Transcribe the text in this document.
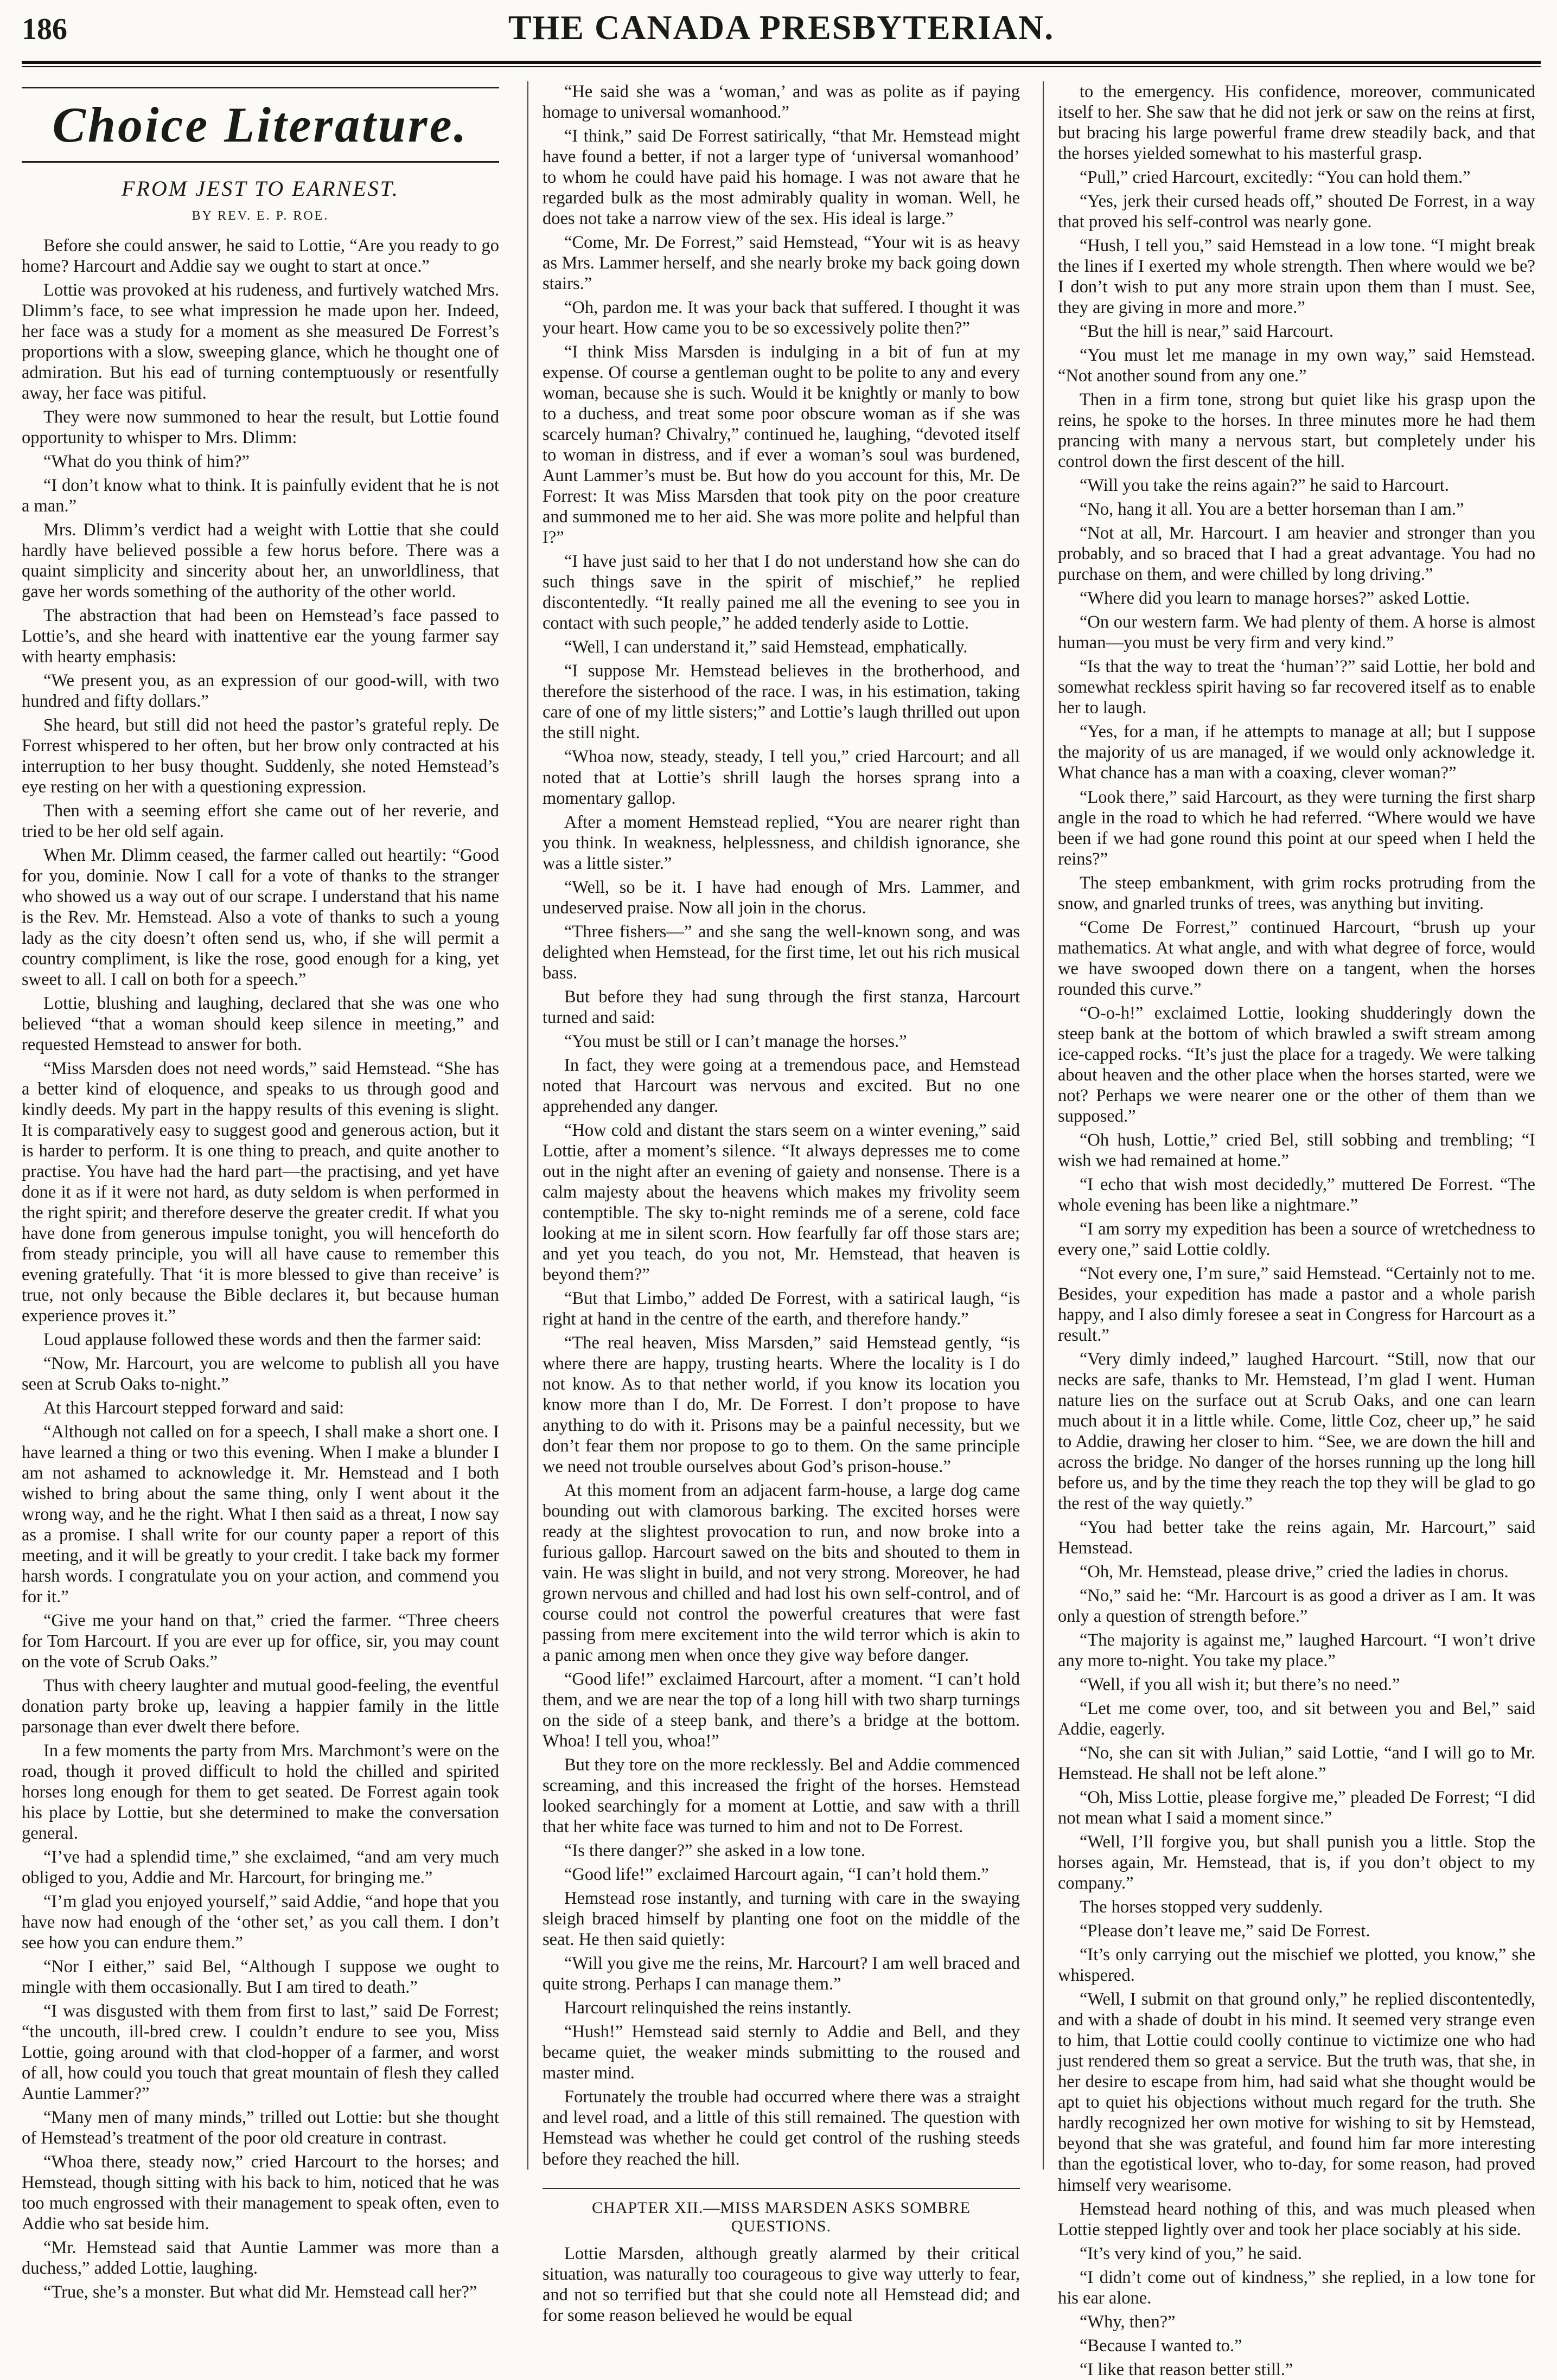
186	THE CANADA PRESBYTERIAN.
Choice Literature.
FROM JEST TO EARNEST.
BY REV. E. P. ROE.

Before she could answer, he said to Lottie, “Are you ready to go home? Harcourt and Addie say we ought to start at once.”

Lottie was provoked at his rudeness, and furtively watched Mrs. Dlimm’s face, to see what impression he made upon her. Indeed, her face was a study for a moment as she measured De Forrest’s proportions with a slow, sweeping glance, which he thought one of admiration. But his ead of turning contemptuously or resentfully away, her face was pitiful.

They were now summoned to hear the result, but Lottie found opportunity to whisper to Mrs. Dlimm:

“What do you think of him?”

“I don’t know what to think. It is painfully evident that he is not a man.”

Mrs. Dlimm’s verdict had a weight with Lottie that she could hardly have believed possible a few horus before. There was a quaint simplicity and sincerity about her, an unworldliness, that gave her words something of the authority of the other world.

The abstraction that had been on Hemstead’s face passed to Lottie’s, and she heard with inattentive ear the young farmer say with hearty emphasis:

“We present you, as an expression of our good-will, with two hundred and fifty dollars.”

She heard, but still did not heed the pastor’s grateful reply. De Forrest whispered to her often, but her brow only contracted at his interruption to her busy thought. Suddenly, she noted Hemstead’s eye resting on her with a questioning expression.

Then with a seeming effort she came out of her reverie, and tried to be her old self again.

When Mr. Dlimm ceased, the farmer called out heartily: “Good for you, dominie. Now I call for a vote of thanks to the stranger who showed us a way out of our scrape. I understand that his name is the Rev. Mr. Hemstead. Also a vote of thanks to such a young lady as the city doesn’t often send us, who, if she will permit a country compliment, is like the rose, good enough for a king, yet sweet to all. I call on both for a speech.”

Lottie, blushing and laughing, declared that she was one who believed “that a woman should keep silence in meeting,” and requested Hemstead to answer for both.

“Miss Marsden does not need words,” said Hemstead. “She has a better kind of eloquence, and speaks to us through good and kindly deeds. My part in the happy results of this evening is slight. It is comparatively easy to suggest good and generous action, but it is harder to perform. It is one thing to preach, and quite another to practise. You have had the hard part—the practising, and yet have done it as if it were not hard, as duty seldom is when performed in the right spirit; and therefore deserve the greater credit. If what you have done from generous impulse tonight, you will henceforth do from steady principle, you will all have cause to remember this evening gratefully. That ‘it is more blessed to give than receive’ is true, not only because the Bible declares it, but because human experience proves it.”

Loud applause followed these words and then the farmer said:

“Now, Mr. Harcourt, you are welcome to publish all you have seen at Scrub Oaks to-night.”

At this Harcourt stepped forward and said:

“Although not called on for a speech, I shall make a short one. I have learned a thing or two this evening. When I make a blunder I am not ashamed to acknowledge it. Mr. Hemstead and I both wished to bring about the same thing, only I went about it the wrong way, and he the right. What I then said as a threat, I now say as a promise. I shall write for our county paper a report of this meeting, and it will be greatly to your credit. I take back my former harsh words. I congratulate you on your action, and commend you for it.”

“Give me your hand on that,” cried the farmer. “Three cheers for Tom Harcourt. If you are ever up for office, sir, you may count on the vote of Scrub Oaks.”

Thus with cheery laughter and mutual good-feeling, the eventful donation party broke up, leaving a happier family in the little parsonage than ever dwelt there before.

In a few moments the party from Mrs. Marchmont’s were on the road, though it proved difficult to hold the chilled and spirited horses long enough for them to get seated. De Forrest again took his place by Lottie, but she determined to make the conversation general.

“I’ve had a splendid time,” she exclaimed, “and am very much obliged to you, Addie and Mr. Harcourt, for bringing me.”

“I’m glad you enjoyed yourself,” said Addie, “and hope that you have now had enough of the ‘other set,’ as you call them. I don’t see how you can endure them.”

“Nor I either,” said Bel, “Although I suppose we ought to mingle with them occasionally. But I am tired to death.”

“I was disgusted with them from first to last,” said De Forrest; “the uncouth, ill-bred crew. I couldn’t endure to see you, Miss Lottie, going around with that clod-hopper of a farmer, and worst of all, how could you touch that great mountain of flesh they called Auntie Lammer?”

“Many men of many minds,” trilled out Lottie: but she thought of Hemstead’s treatment of the poor old creature in contrast.

“Whoa there, steady now,” cried Harcourt to the horses; and Hemstead, though sitting with his back to him, noticed that he was too much engrossed with their management to speak often, even to Addie who sat beside him.

“Mr. Hemstead said that Auntie Lammer was more than a duchess,” added Lottie, laughing.

“True, she’s a monster. But what did Mr. Hemstead call her?”

“He said she was a ‘woman,’ and was as polite as if paying homage to universal womanhood.”

“I think,” said De Forrest satirically, “that Mr. Hemstead might have found a better, if not a larger type of ‘universal womanhood’ to whom he could have paid his homage. I was not aware that he regarded bulk as the most admirably quality in woman. Well, he does not take a narrow view of the sex. His ideal is large.”

“Come, Mr. De Forrest,” said Hemstead, “Your wit is as heavy as Mrs. Lammer herself, and she nearly broke my back going down stairs.”

“Oh, pardon me. It was your back that suffered. I thought it was your heart. How came you to be so excessively polite then?”

“I think Miss Marsden is indulging in a bit of fun at my expense. Of course a gentleman ought to be polite to any and every woman, because she is such. Would it be knightly or manly to bow to a duchess, and treat some poor obscure woman as if she was scarcely human? Chivalry,” continued he, laughing, “devoted itself to woman in distress, and if ever a woman’s soul was burdened, Aunt Lammer’s must be. But how do you account for this, Mr. De Forrest: It was Miss Marsden that took pity on the poor creature and summoned me to her aid. She was more polite and helpful than I?”

“I have just said to her that I do not understand how she can do such things save in the spirit of mischief,” he replied discontentedly. “It really pained me all the evening to see you in contact with such people,” he added tenderly aside to Lottie.

“Well, I can understand it,” said Hemstead, emphatically.

“I suppose Mr. Hemstead believes in the brotherhood, and therefore the sisterhood of the race. I was, in his estimation, taking care of one of my little sisters;” and Lottie’s laugh thrilled out upon the still night.

“Whoa now, steady, steady, I tell you,” cried Harcourt; and all noted that at Lottie’s shrill laugh the horses sprang into a momentary gallop.

After a moment Hemstead replied, “You are nearer right than you think. In weakness, helplessness, and childish ignorance, she was a little sister.”

“Well, so be it. I have had enough of Mrs. Lammer, and undeserved praise. Now all join in the chorus.

“Three fishers—” and she sang the well-known song, and was delighted when Hemstead, for the first time, let out his rich musical bass.

But before they had sung through the first stanza, Harcourt turned and said:

“You must be still or I can’t manage the horses.”

In fact, they were going at a tremendous pace, and Hemstead noted that Harcourt was nervous and excited. But no one apprehended any danger.

“How cold and distant the stars seem on a winter evening,” said Lottie, after a moment’s silence. “It always depresses me to come out in the night after an evening of gaiety and nonsense. There is a calm majesty about the heavens which makes my frivolity seem contemptible. The sky to-night reminds me of a serene, cold face looking at me in silent scorn. How fearfully far off those stars are; and yet you teach, do you not, Mr. Hemstead, that heaven is beyond them?”

“But that Limbo,” added De Forrest, with a satirical laugh, “is right at hand in the centre of the earth, and therefore handy.”

“The real heaven, Miss Marsden,” said Hemstead gently, “is where there are happy, trusting hearts. Where the locality is I do not know. As to that nether world, if you know its location you know more than I do, Mr. De Forrest. I don’t propose to have anything to do with it. Prisons may be a painful necessity, but we don’t fear them nor propose to go to them. On the same principle we need not trouble ourselves about God’s prison-house.”

At this moment from an adjacent farm-house, a large dog came bounding out with clamorous barking. The excited horses were ready at the slightest provocation to run, and now broke into a furious gallop. Harcourt sawed on the bits and shouted to them in vain. He was slight in build, and not very strong. Moreover, he had grown nervous and chilled and had lost his own self-control, and of course could not control the powerful creatures that were fast passing from mere excitement into the wild terror which is akin to a panic among men when once they give way before danger.

“Good life!” exclaimed Harcourt, after a moment. “I can’t hold them, and we are near the top of a long hill with two sharp turnings on the side of a steep bank, and there’s a bridge at the bottom. Whoa! I tell you, whoa!”

But they tore on the more recklessly. Bel and Addie commenced screaming, and this increased the fright of the horses. Hemstead looked searchingly for a moment at Lottie, and saw with a thrill that her white face was turned to him and not to De Forrest.

“Is there danger?” she asked in a low tone.

“Good life!” exclaimed Harcourt again, “I can’t hold them.”

Hemstead rose instantly, and turning with care in the swaying sleigh braced himself by planting one foot on the middle of the seat. He then said quietly:

“Will you give me the reins, Mr. Harcourt? I am well braced and quite strong. Perhaps I can manage them.”

Harcourt relinquished the reins instantly.

“Hush!” Hemstead said sternly to Addie and Bell, and they became quiet, the weaker minds submitting to the roused and master mind.

Fortunately the trouble had occurred where there was a straight and level road, and a little of this still remained. The question with Hemstead was whether he could get control of the rushing steeds before they reached the hill.

CHAPTER XII.—MISS MARSDEN ASKS SOMBRE QUESTIONS.

Lottie Marsden, although greatly alarmed by their critical situation, was naturally too courageous to give way utterly to fear, and not so terrified but that she could note all Hemstead did; and for some reason believed he would be equal

to the emergency. His confidence, moreover, communicated itself to her. She saw that he did not jerk or saw on the reins at first, but bracing his large powerful frame drew steadily back, and that the horses yielded somewhat to his masterful grasp.

“Pull,” cried Harcourt, excitedly: “You can hold them.”

“Yes, jerk their cursed heads off,” shouted De Forrest, in a way that proved his self-control was nearly gone.

“Hush, I tell you,” said Hemstead in a low tone. “I might break the lines if I exerted my whole strength. Then where would we be? I don’t wish to put any more strain upon them than I must. See, they are giving in more and more.”

“But the hill is near,” said Harcourt.

“You must let me manage in my own way,” said Hemstead. “Not another sound from any one.”

Then in a firm tone, strong but quiet like his grasp upon the reins, he spoke to the horses. In three minutes more he had them prancing with many a nervous start, but completely under his control down the first descent of the hill.

“Will you take the reins again?” he said to Harcourt.

“No, hang it all. You are a better horseman than I am.”

“Not at all, Mr. Harcourt. I am heavier and stronger than you probably, and so braced that I had a great advantage. You had no purchase on them, and were chilled by long driving.”

“Where did you learn to manage horses?” asked Lottie.

“On our western farm. We had plenty of them. A horse is almost human—you must be very firm and very kind.”

“Is that the way to treat the ‘human’?” said Lottie, her bold and somewhat reckless spirit having so far recovered itself as to enable her to laugh.

“Yes, for a man, if he attempts to manage at all; but I suppose the majority of us are managed, if we would only acknowledge it. What chance has a man with a coaxing, clever woman?”

“Look there,” said Harcourt, as they were turning the first sharp angle in the road to which he had referred. “Where would we have been if we had gone round this point at our speed when I held the reins?”

The steep embankment, with grim rocks protruding from the snow, and gnarled trunks of trees, was anything but inviting.

“Come De Forrest,” continued Harcourt, “brush up your mathematics. At what angle, and with what degree of force, would we have swooped down there on a tangent, when the horses rounded this curve.”

“O-o-h!” exclaimed Lottie, looking shudderingly down the steep bank at the bottom of which brawled a swift stream among ice-capped rocks. “It’s just the place for a tragedy. We were talking about heaven and the other place when the horses started, were we not? Perhaps we were nearer one or the other of them than we supposed.”

“Oh hush, Lottie,” cried Bel, still sobbing and trembling; “I wish we had remained at home.”

“I echo that wish most decidedly,” muttered De Forrest. “The whole evening has been like a nightmare.”

“I am sorry my expedition has been a source of wretchedness to every one,” said Lottie coldly.

“Not every one, I’m sure,” said Hemstead. “Certainly not to me. Besides, your expedition has made a pastor and a whole parish happy, and I also dimly foresee a seat in Congress for Harcourt as a result.”

“Very dimly indeed,” laughed Harcourt. “Still, now that our necks are safe, thanks to Mr. Hemstead, I’m glad I went. Human nature lies on the surface out at Scrub Oaks, and one can learn much about it in a little while. Come, little Coz, cheer up,” he said to Addie, drawing her closer to him. “See, we are down the hill and across the bridge. No danger of the horses running up the long hill before us, and by the time they reach the top they will be glad to go the rest of the way quietly.”

“You had better take the reins again, Mr. Harcourt,” said Hemstead.

“Oh, Mr. Hemstead, please drive,” cried the ladies in chorus.

“No,” said he: “Mr. Harcourt is as good a driver as I am. It was only a question of strength before.”

“The majority is against me,” laughed Harcourt. “I won’t drive any more to-night. You take my place.”

“Well, if you all wish it; but there’s no need.”

“Let me come over, too, and sit between you and Bel,” said Addie, eagerly.

“No, she can sit with Julian,” said Lottie, “and I will go to Mr. Hemstead. He shall not be left alone.”

“Oh, Miss Lottie, please forgive me,” pleaded De Forrest; “I did not mean what I said a moment since.”

“Well, I’ll forgive you, but shall punish you a little. Stop the horses again, Mr. Hemstead, that is, if you don’t object to my company.”

The horses stopped very suddenly.

“Please don’t leave me,” said De Forrest.

“It’s only carrying out the mischief we plotted, you know,” she whispered.

“Well, I submit on that ground only,” he replied discontentedly, and with a shade of doubt in his mind. It seemed very strange even to him, that Lottie could coolly continue to victimize one who had just rendered them so great a service. But the truth was, that she, in her desire to escape from him, had said what she thought would be apt to quiet his objections without much regard for the truth. She hardly recognized her own motive for wishing to sit by Hemstead, beyond that she was grateful, and found him far more interesting than the egotistical lover, who to-day, for some reason, had proved himself very wearisome.

Hemstead heard nothing of this, and was much pleased when Lottie stepped lightly over and took her place sociably at his side.

“It’s very kind of you,” he said.

“I didn’t come out of kindness,” she replied, in a low tone for his ear alone.

“Why, then?”

“Because I wanted to.”

“I like that reason better still.”
